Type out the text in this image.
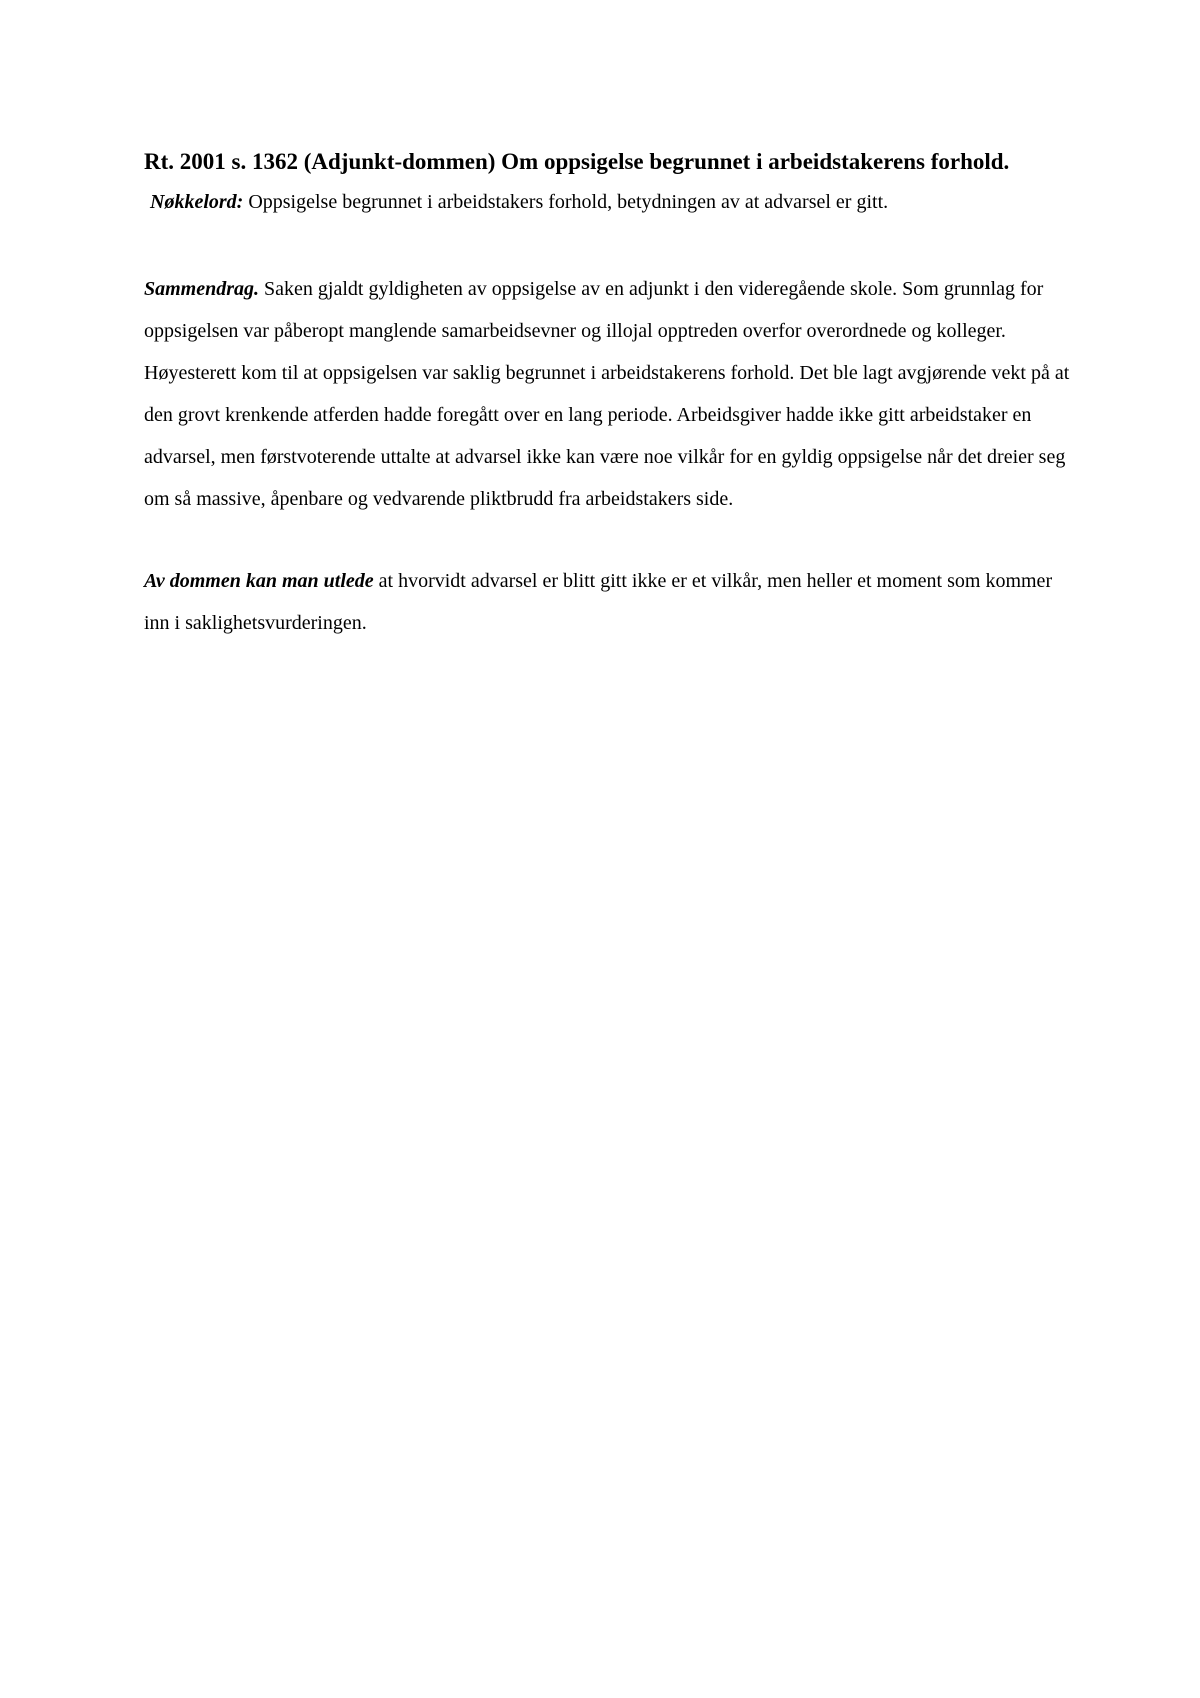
Rt. 2001 s. 1362 (Adjunkt-dommen) Om oppsigelse begrunnet i arbeidstakerens forhold.

Nøkkelord: Oppsigelse begrunnet i arbeidstakers forhold, betydningen av at advarsel er gitt.

Sammendrag. Saken gjaldt gyldigheten av oppsigelse av en adjunkt i den videregående skole. Som grunnlag for oppsigelsen var påberopt manglende samarbeidsevner og illojal opptreden overfor overordnede og kolleger. Høyesterett kom til at oppsigelsen var saklig begrunnet i arbeidstakerens forhold. Det ble lagt avgjørende vekt på at den grovt krenkende atferden hadde foregått over en lang periode. Arbeidsgiver hadde ikke gitt arbeidstaker en advarsel, men førstvoterende uttalte at advarsel ikke kan være noe vilkår for en gyldig oppsigelse når det dreier seg om så massive, åpenbare og vedvarende pliktbrudd fra arbeidstakers side.

Av dommen kan man utlede at hvorvidt advarsel er blitt gitt ikke er et vilkår, men heller et moment som kommer inn i saklighetsvurderingen.
